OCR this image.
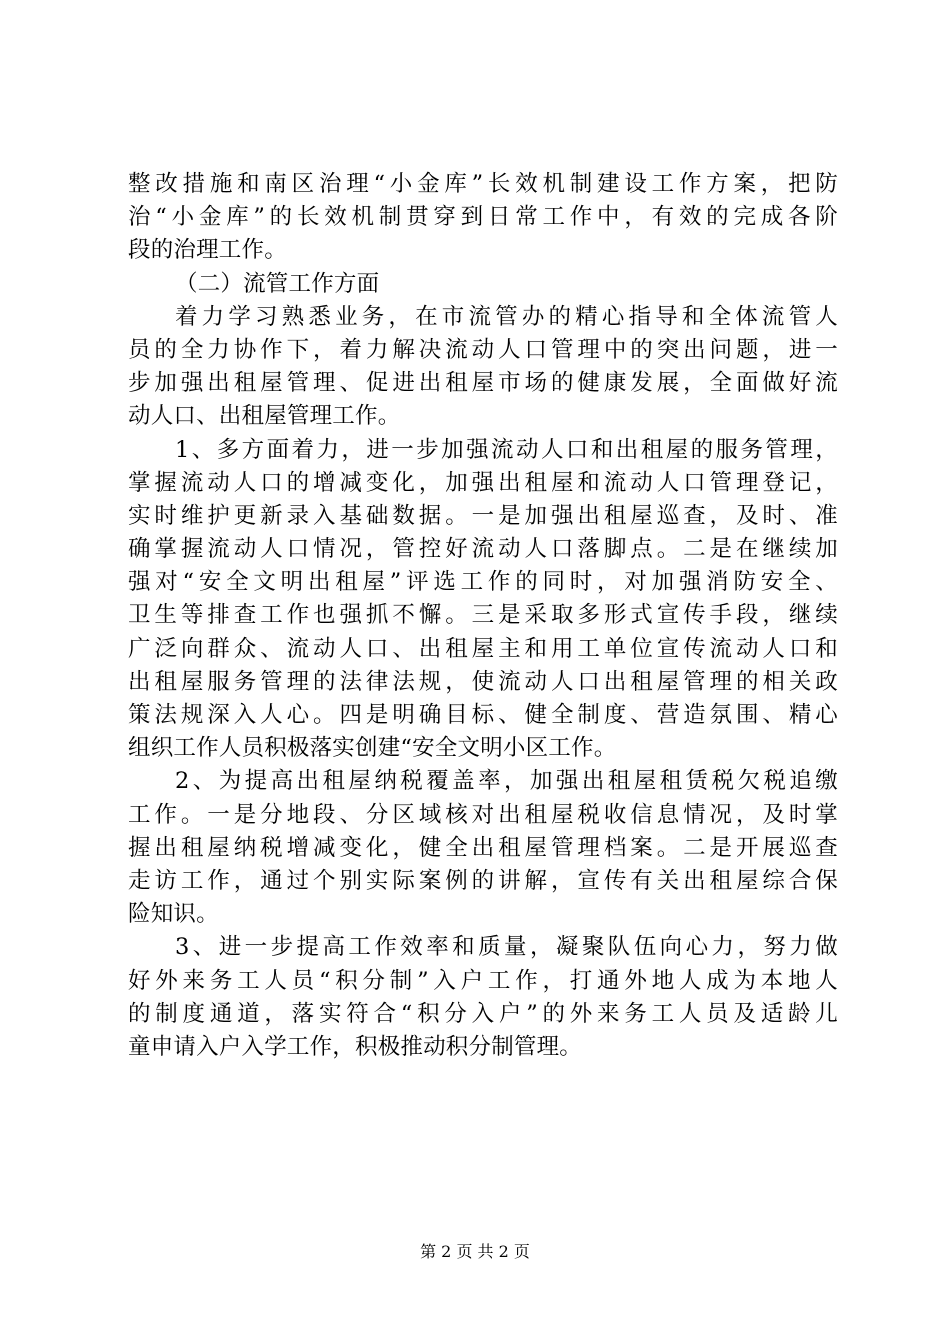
整改措施和南区治理“小金库”长效机制建设工作方案，把防
治“小金库”的长效机制贯穿到日常工作中，有效的完成各阶
段的治理工作。
（二）流管工作方面
着力学习熟悉业务，在市流管办的精心指导和全体流管人
员的全力协作下，着力解决流动人口管理中的突出问题，进一
步加强出租屋管理、促进出租屋市场的健康发展，全面做好流
动人口、出租屋管理工作。
1、多方面着力，进一步加强流动人口和出租屋的服务管理，
掌握流动人口的增减变化，加强出租屋和流动人口管理登记，
实时维护更新录入基础数据。一是加强出租屋巡查，及时、准
确掌握流动人口情况，管控好流动人口落脚点。二是在继续加
强对“安全文明出租屋”评选工作的同时，对加强消防安全、
卫生等排查工作也强抓不懈。三是采取多形式宣传手段，继续
广泛向群众、流动人口、出租屋主和用工单位宣传流动人口和
出租屋服务管理的法律法规，使流动人口出租屋管理的相关政
策法规深入人心。四是明确目标、健全制度、营造氛围、精心
组织工作人员积极落实创建“安全文明小区工作。
2、为提高出租屋纳税覆盖率，加强出租屋租赁税欠税追缴
工作。一是分地段、分区域核对出租屋税收信息情况，及时掌
握出租屋纳税增减变化，健全出租屋管理档案。二是开展巡查
走访工作，通过个别实际案例的讲解，宣传有关出租屋综合保
险知识。
3、进一步提高工作效率和质量，凝聚队伍向心力，努力做
好外来务工人员“积分制”入户工作，打通外地人成为本地人
的制度通道，落实符合“积分入户”的外来务工人员及适龄儿
童申请入户入学工作，积极推动积分制管理。
第 2 页 共 2 页
